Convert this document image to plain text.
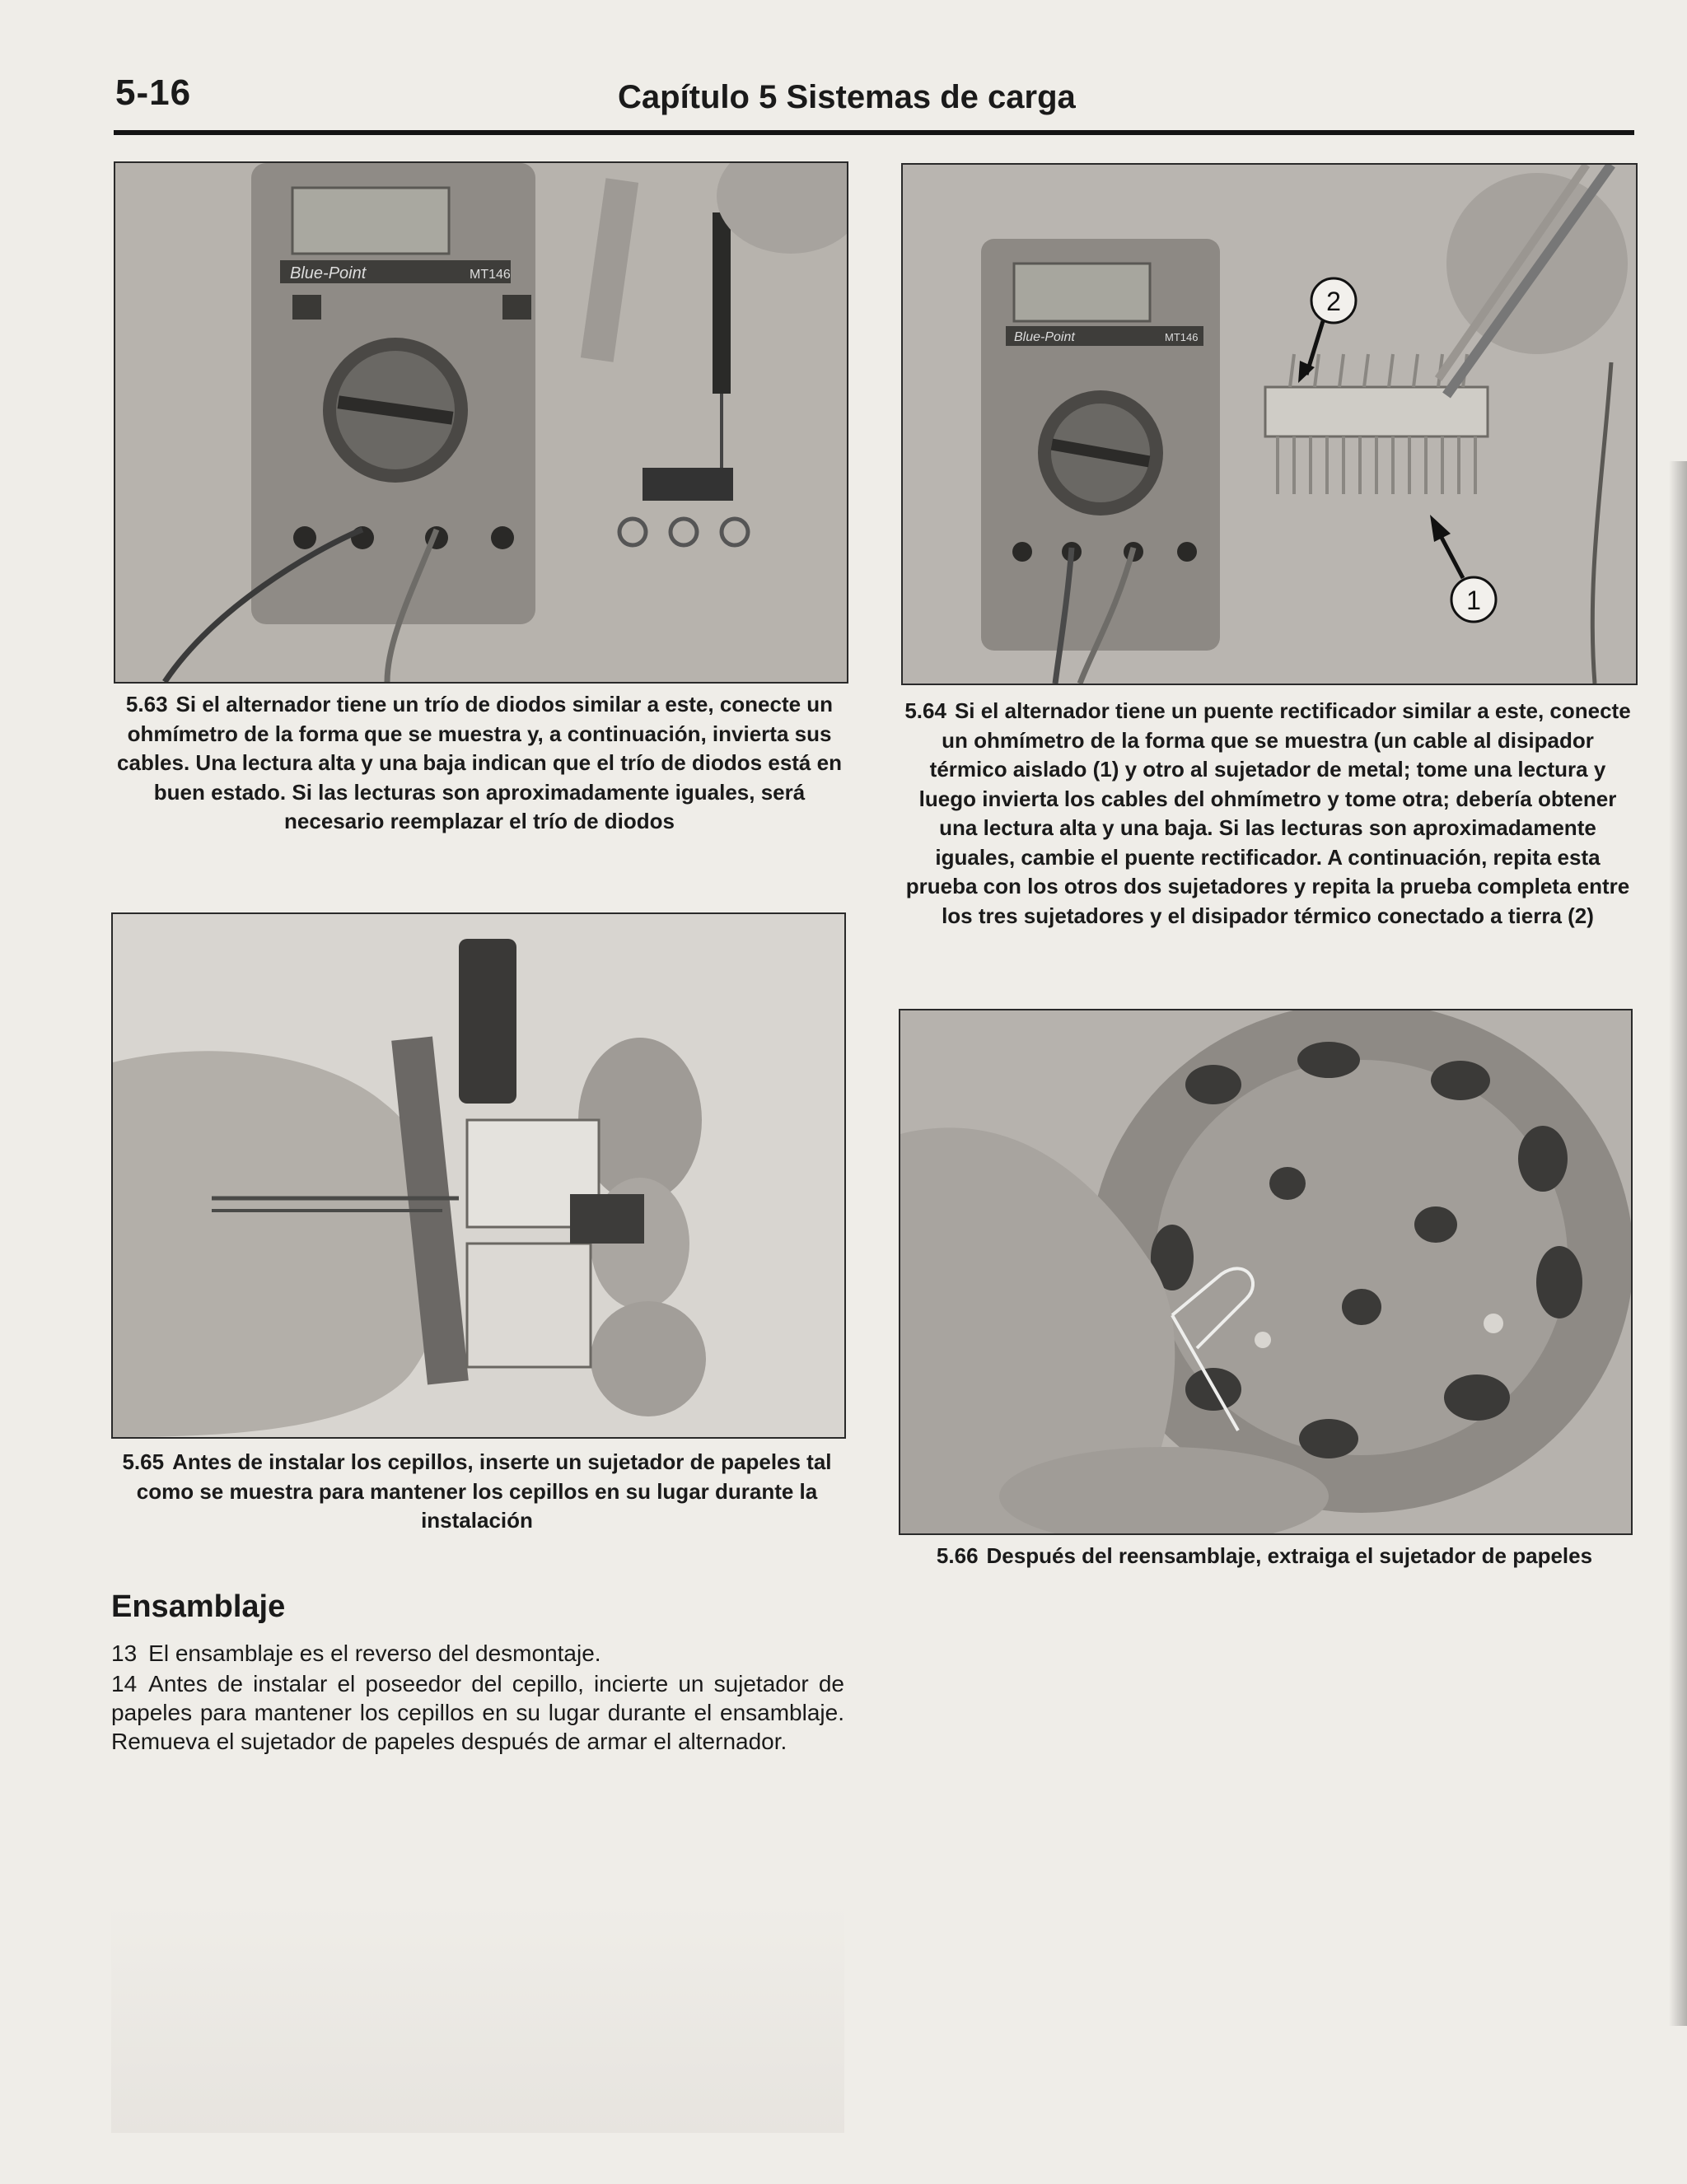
5-16	Capítulo 5 Sistemas de carga
Blue-Point	MT146

5.63 Si el alternador tiene un trío de diodos similar a este, conecte un ohmímetro de la forma que se muestra y, a continuación, invierta sus cables. Una lectura alta y una baja indican que el trío de diodos está en buen estado. Si las lecturas son aproximadamente iguales, será necesario reemplazar el trío de diodos

Blue-Point	MT146
2
1

5.64 Si el alternador tiene un puente rectificador similar a este, conecte un ohmímetro de la forma que se muestra (un cable al disipador térmico aislado (1) y otro al sujetador de metal; tome una lectura y luego invierta los cables del ohmímetro y tome otra; debería obtener una lectura alta y una baja. Si las lecturas son aproximadamente iguales, cambie el puente rectificador. A continuación, repita esta prueba con los otros dos sujetadores y repita la prueba completa entre los tres sujetadores y el disipador térmico conectado a tierra (2)

5.65 Antes de instalar los cepillos, inserte un sujetador de papeles tal como se muestra para mantener los cepillos en su lugar durante la instalación

5.66 Después del reensamblaje, extraiga el sujetador de papeles

Ensamblaje

13 El ensamblaje es el reverso del desmontaje.

14 Antes de instalar el poseedor del cepillo, incierte un sujetador de papeles para mantener los cepillos en su lugar durante el ensamblaje. Remueva el sujetador de papeles después de armar el alternador.
